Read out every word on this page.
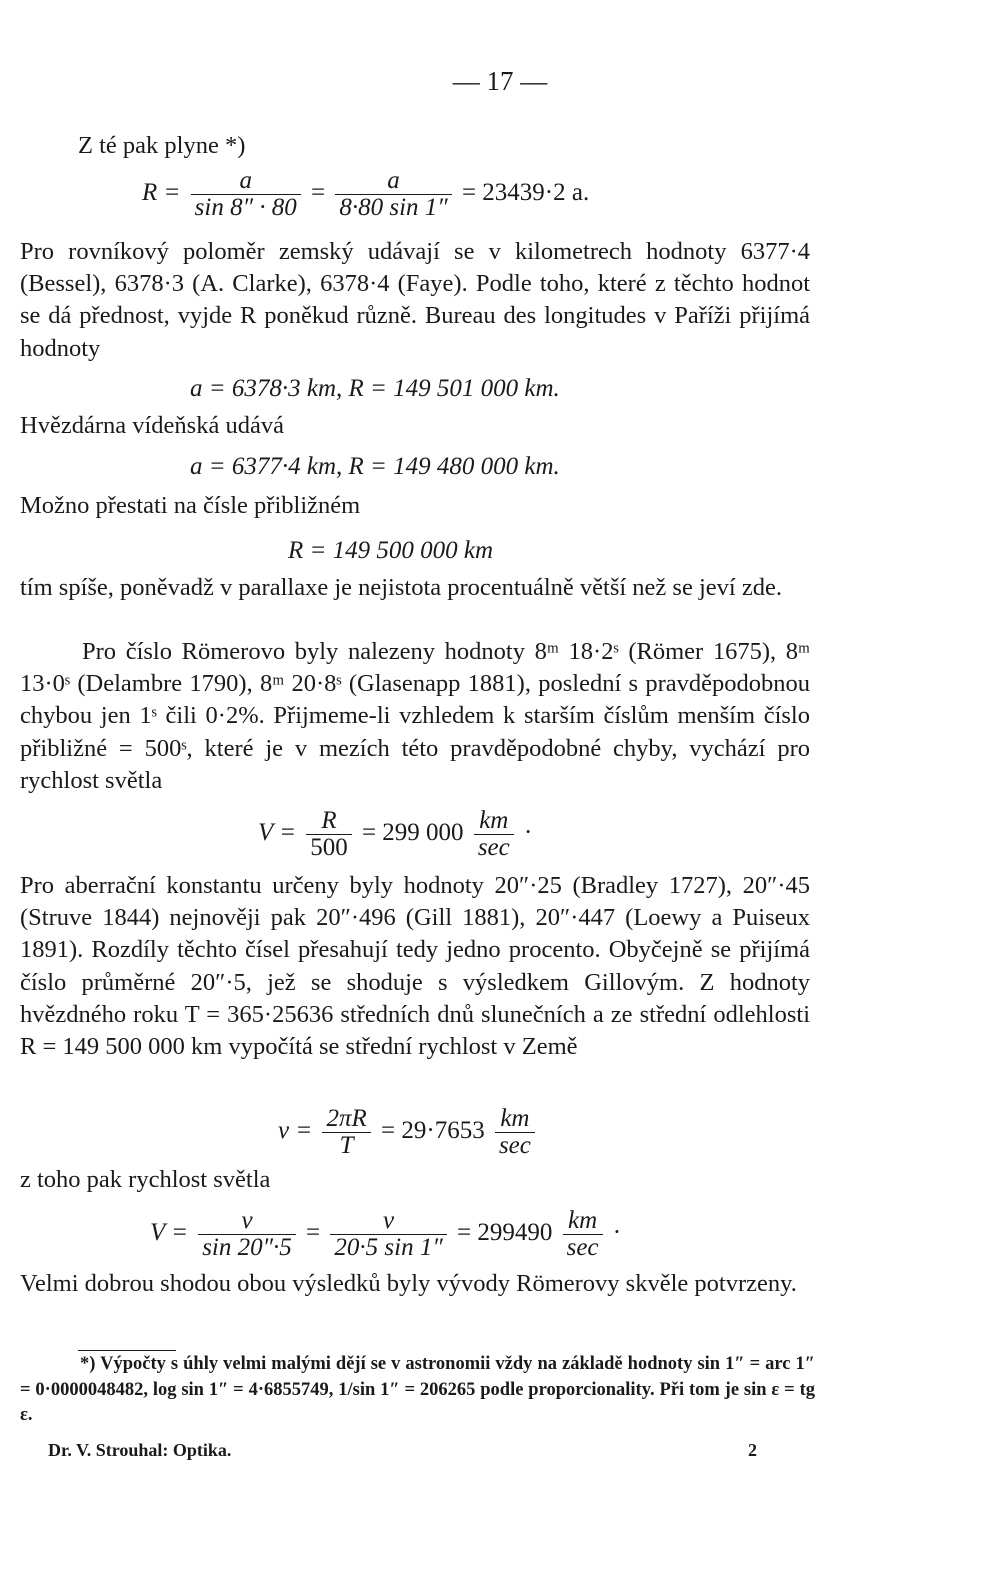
— 17 —

Z té pak plyne *)

$R = \frac{a}{\sin 8'' \cdot 80} = \frac{a}{8\cdot 80 \sin 1''} = 23439\cdot 2$ a.

Pro rovníkový poloměr zemský udávají se v kilometrech hodnoty 6377·4 (Bessel), 6378·3 (A. Clarke), 6378·4 (Faye). Podle toho, které z těchto hodnot se dá přednost, vyjde R poněkud různě. Bureau des longitudes v Paříži přijímá hodnoty

a = 6378·3 km, R = 149 501 000 km.

Hvězdárna vídeňská udává

a = 6377·4 km, R = 149 480 000 km.

Možno přestati na čísle přibližném

R = 149 500 000 km

tím spíše, poněvadž v parallaxe je nejistota procentuálně větší než se jeví zde.

Pro číslo Römerovo byly nalezeny hodnoty 8ᵐ 18·2ˢ (Römer 1675), 8ᵐ 13·0ˢ (Delambre 1790), 8ᵐ 20·8ˢ (Glasenapp 1881), poslední s pravděpodobnou chybou jen 1ˢ čili 0·2%. Přijmeme-li vzhledem k starším číslům menším číslo přibližné = 500ˢ, které je v mezích této pravděpodobné chyby, vychází pro rychlost světla

$V = \frac{R}{500} = 299$ $000 \frac{km}{\sec}$ ·

Pro aberrační konstantu určeny byly hodnoty 20″·25 (Bradley 1727), 20″·45 (Struve 1844) nejnověji pak 20″·496 (Gill 1881), 20″·447 (Loewy a Puiseux 1891). Rozdíly těchto čísel přesahují tedy jedno procento. Obyčejně se přijímá číslo průměrné 20″·5, jež se shoduje s výsledkem Gillovým. Z hodnoty hvězdného roku T = 365·25636 středních dnů slunečních a ze střední odlehlosti R = 149 500 000 km vypočítá se střední rychlost v Země

$v = \frac{2\pi R}{T} = 29\cdot 7653 \frac{km}{\sec}$

z toho pak rychlost světla

$V = \frac{v}{\sin 20''\cdot 5} = \frac{v}{20\cdot 5 \sin 1''} = 299490 \frac{km}{\sec}$ ·

Velmi dobrou shodou obou výsledků byly vývody Römerovy skvěle potvrzeny.

*) Výpočty s úhly velmi malými dějí se v astronomii vždy na základě hodnoty sin 1″ = arc 1″ = 0·0000048482, log sin 1″ = 4·6855749, 1/sin 1″ = 206265 podle proporcionality. Při tom je sin ε = tg ε.

Dr. V. Strouhal: Optika.	2
